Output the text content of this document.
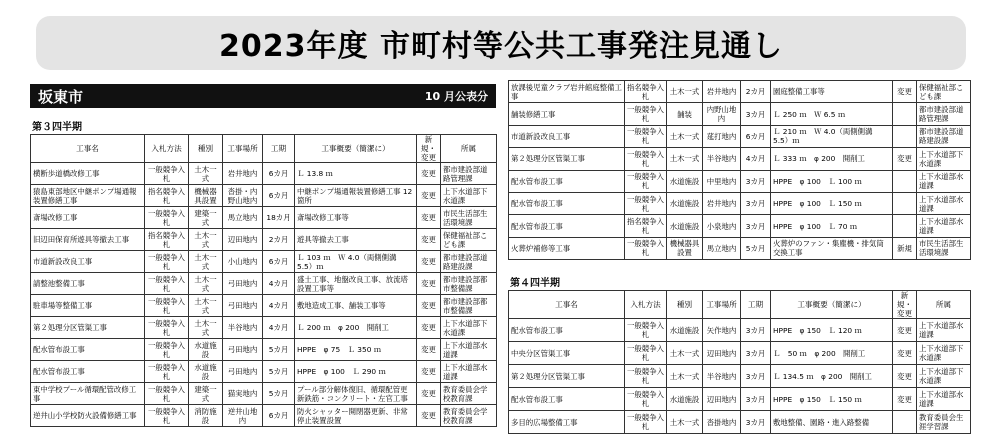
2023年度 市町村等公共工事発注見通し
坂東市	10 月公表分
第３四半期
工事名	入札方法	種別	工事場所	工期	工事概要（簡潔に）	新規・変更	所属
横断歩道橋改修工事	一般競争入札	土木一式	岩井地内	6カ月	Ｌ 13.8 ｍ	変更	都市建設部道路管理課
猿島東部地区中継ポンプ場通報装置修繕工事	指名競争入札	機械器具設置	沓掛・内野山地内	6カ月	中継ポンプ場通報装置修繕工事 12 箇所	変更	上下水道部下水道課
斎場改修工事	一般競争入札	建築一式	馬立地内	18カ月	斎場改修工事等	変更	市民生活部生活環境課
旧辺田保育所遊具等撤去工事	指名競争入札	土木一式	辺田地内	2カ月	遊具等撤去工事	変更	保健福祉部こども課
市道新設改良工事	一般競争入札	土木一式	小山地内	6カ月	Ｌ 103 ｍ　Ｗ 4.0（両側側溝 5.5）ｍ	変更	都市建設部道路建設課
請整池整備工事	一般競争入札	土木一式	弓田地内	4カ月	盛土工事、地盤改良工事、放流塔設置工事等	変更	都市建設部都市整備課
駐車場等整備工事	一般競争入札	土木一式	弓田地内	4カ月	敷地造成工事、舗装工事等	変更	都市建設部都市整備課
第２処理分区管渠工事	一般競争入札	土木一式	半谷地内	4カ月	Ｌ 200 ｍ　φ 200　開削工	変更	上下水道部下水道課
配水管布設工事	一般競争入札	水道施設	弓田地内	5カ月	HPPE　φ 75　Ｌ 350 ｍ	変更	上下水道部水道課
配水管布設工事	一般競争入札	水道施設	弓田地内	5カ月	HPPE　φ 100　Ｌ 290 ｍ	変更	上下水道部水道課
東中学校プール循環配管改修工事	一般競争入札	建築一式	猫実地内	5カ月	プール部分解体復旧、循環配管更新鉄筋・コンクリート・左官工事	変更	教育委員会学校教育課
逆井山小学校防火設備修繕工事	一般競争入札	消防施設	逆井山地内	6カ月	防火シャッター開閉器更新、非常停止装置設置	変更	教育委員会学校教育課
放課後児童クラブ岩井館庭整備工事	指名競争入札	土木一式	岩井地内	2カ月	園庭整備工事等	変更	保健福祉部こども課
舗装修繕工事	一般競争入札	舗装	内野山地内	3カ月	Ｌ 250 ｍ　Ｗ 6.5 ｍ		都市建設部道路管理課
市道新設改良工事	一般競争入札	土木一式	莚打地内	6カ月	Ｌ 210 ｍ　Ｗ 4.0（両側側溝 5.5）ｍ		都市建設部道路建設課
第２処理分区管渠工事	一般競争入札	土木一式	半谷地内	4カ月	Ｌ 333 ｍ　φ 200　開削工	変更	上下水道部下水道課
配水管布設工事	一般競争入札	水道施設	中里地内	3カ月	HPPE　φ 100　Ｌ 100 ｍ		上下水道部水道課
配水管布設工事	一般競争入札	水道施設	岩井地内	3カ月	HPPE　φ 100　Ｌ 150 ｍ		上下水道部水道課
配水管布設工事	指名競争入札	水道施設	小泉地内	3カ月	HPPE　φ 100　Ｌ 70 ｍ		上下水道部水道課
火葬炉補修等工事	一般競争入札	機械器具設置	馬立地内	5カ月	火葬炉のファン・集塵機・排気筒交換工事	新規	市民生活部生活環境課
第４四半期
工事名	入札方法	種別	工事場所	工期	工事概要（簡潔に）	新規・変更	所属
配水管布設工事	一般競争入札	水道施設	矢作地内	3カ月	HPPE　φ 150　Ｌ 120 ｍ	変更	上下水道部水道課
中央分区管渠工事	一般競争入札	土木一式	辺田地内	3カ月	Ｌ　50 ｍ　φ 200　開削工	変更	上下水道部下水道課
第２処理分区管渠工事	一般競争入札	土木一式	半谷地内	3カ月	Ｌ 134.5 ｍ　φ 200　開削工	変更	上下水道部下水道課
配水管布設工事	一般競争入札	水道施設	辺田地内	3カ月	HPPE　φ 150　Ｌ 150 ｍ	変更	上下水道部水道課
多目的広場整備工事	一般競争入札	土木一式	沓掛地内	3カ月	敷地整備、園路・進入路整備		教育委員会生涯学習課
